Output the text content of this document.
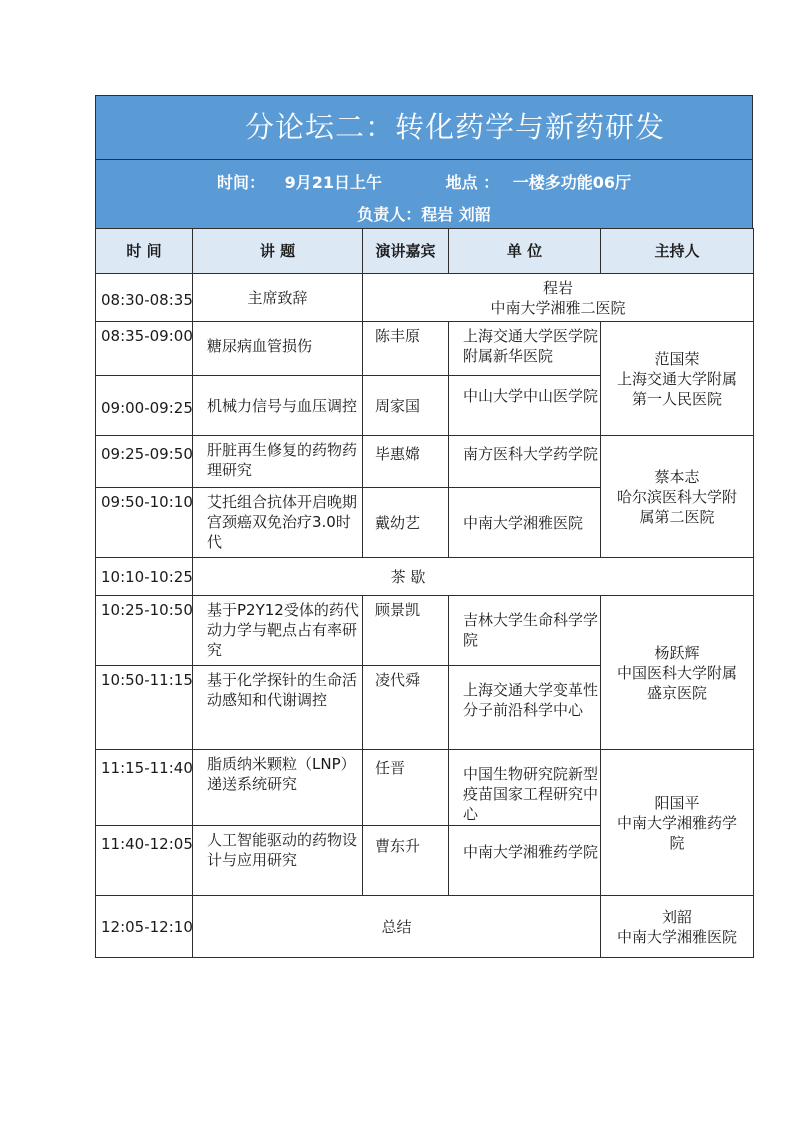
分论坛二：转化药学与新药研发
时间： 9月21日上午	地点 ： 一楼多功能06厅
负责人：程岩 刘韶
时 间	讲 题	演讲嘉宾	单 位	主持人
08:30-08:35	主席致辞	程岩
中南大学湘雅二医院		

08:35-09:00	糖尿病血管损伤	陈丰原	上海交通大学医学院附属新华医院	范国荣
上海交通大学附属第一人民医院

09:00-09:25	机械力信号与血压调控	周家国	中山大学中山医学院	
09:25-09:50	肝脏再生修复的药物药理研究	毕惠嫦	南方医科大学药学院	蔡本志
哈尔滨医科大学附属第二医院

09:50-10:10	艾托组合抗体开启晚期宫颈癌双免治疗3.0时代	戴幼艺	中南大学湘雅医院	
10:10-10:25	茶 歇			
10:25-10:50	基于P2Y12受体的药代动力学与靶点占有率研究	顾景凯	吉林大学生命科学学院	杨跃辉
中国医科大学附属盛京医院

10:50-11:15	基于化学探针的生命活动感知和代谢调控	凌代舜	上海交通大学变革性分子前沿科学中心	
11:15-11:40	脂质纳米颗粒（LNP）递送系统研究	任晋	中国生物研究院新型疫苗国家工程研究中心	阳国平
中南大学湘雅药学院

11:40-12:05	人工智能驱动的药物设计与应用研究	曹东升	中南大学湘雅药学院	
12:05-12:10	总结			刘韶
中南大学湘雅医院
